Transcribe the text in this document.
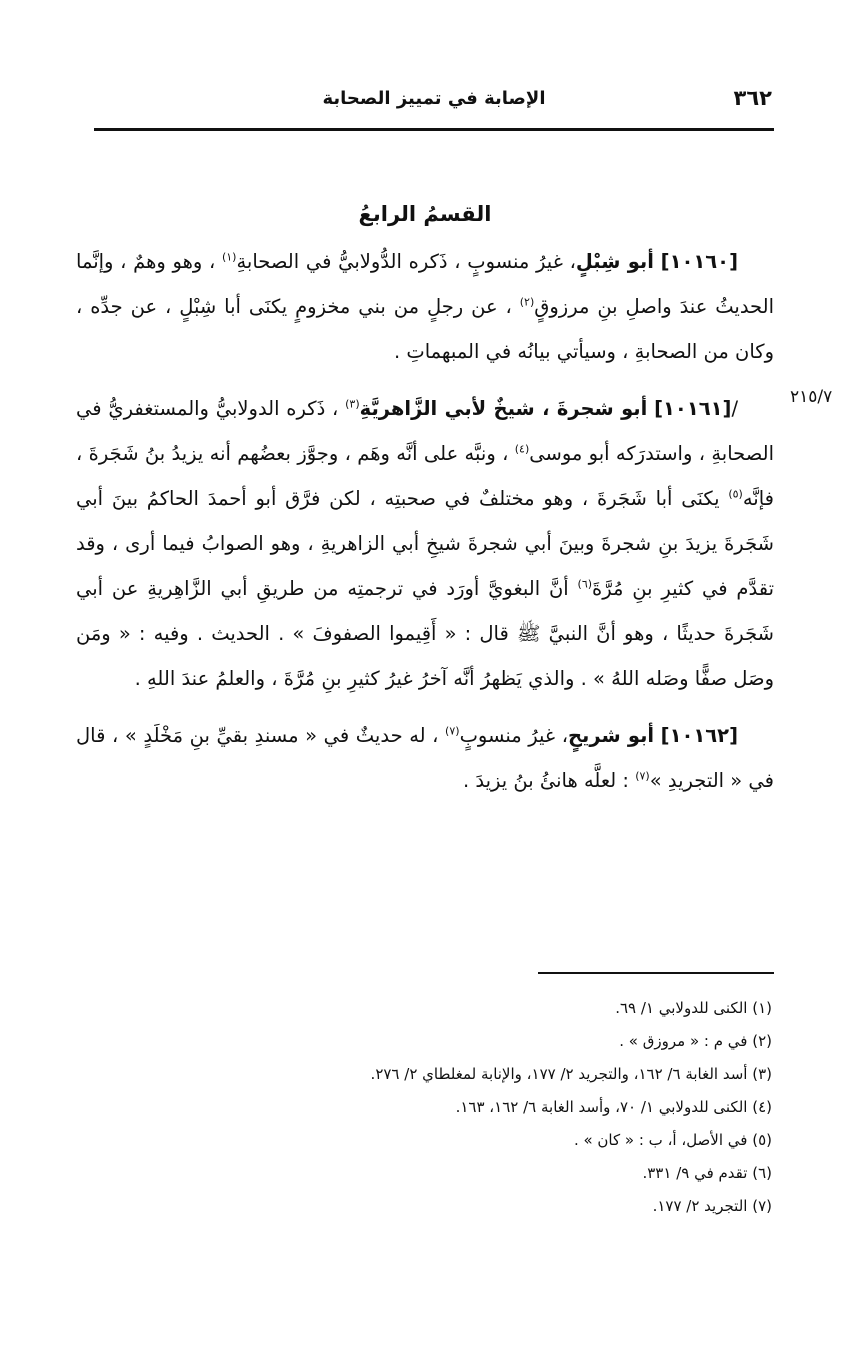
٣٦٢
الإصابة في تمييز الصحابة
٢١٥/٧
القسمُ الرابعُ

[١٠١٦٠] أبو شِبْلٍ، غيرُ منسوبٍ ، ذَكره الدُّولابيُّ في الصحابةِ$^{(١)}$ ، وهو وهمٌ ، وإنَّما الحديثُ عندَ واصلِ بنِ مرزوقٍ$^{(٢)}$ ، عن رجلٍ من بني مخزومٍ يكنَى أبا شِبْلٍ ، عن جدِّه ، وكان من الصحابةِ ، وسيأتي بيانُه في المبهماتِ .

/[١٠١٦١] أبو شجرةَ ، شيخٌ لأبي الزَّاهريَّةِ$^{(٣)}$ ، ذَكره الدولابيُّ والمستغفريُّ في الصحابةِ ، واستدرَكه أبو موسى$^{(٤)}$ ، ونبَّه على أنَّه وهَم ، وجوَّز بعضُهم أنه يزيدُ بنُ شَجَرةَ ، فإنَّه$^{(٥)}$ يكنَى أبا شَجَرةَ ، وهو مختلفٌ في صحبتِه ، لكن فرَّق أبو أحمدَ الحاكمُ بينَ أبي شَجَرةَ يزيدَ بنِ شجرةَ وبينَ أبي شجرةَ شيخِ أبي الزاهريةِ ، وهو الصوابُ فيما أرى ، وقد تقدَّم في كثيرِ بنِ مُرَّةَ$^{(٦)}$ أنَّ البغويَّ أورَد في ترجمتِه من طريقِ أبي الزَّاهِريةِ عن أبي شَجَرةَ حديثًا ، وهو أنَّ النبيَّ ﷺ قال : « أَقِيموا الصفوفَ » . الحديث . وفيه : « ومَن وصَل صفًّا وصَله اللهُ » . والذي يَظهرُ أنَّه آخرُ غيرُ كثيرِ بنِ مُرَّةَ ، والعلمُ عندَ اللهِ .

[١٠١٦٢] أبو شريحٍ، غيرُ منسوبٍ$^{(٧)}$ ، له حديثٌ في « مسندِ بقيِّ بنِ مَخْلَدٍ » ، قال في « التجريدِ »$^{(٧)}$ : لعلَّه هانئُ بنُ يزيدَ .

(١) الكنى للدولابي ١/ ٦٩.
(٢) في م : « مروزق » .
(٣) أسد الغابة ٦/ ١٦٢، والتجريد ٢/ ١٧٧، والإنابة لمغلطاي ٢/ ٢٧٦.
(٤) الكنى للدولابي ١/ ٧٠، وأسد الغابة ٦/ ١٦٢، ١٦٣.
(٥) في الأصل، أ، ب : « كان » .
(٦) تقدم في ٩/ ٣٣١.
(٧) التجريد ٢/ ١٧٧.
